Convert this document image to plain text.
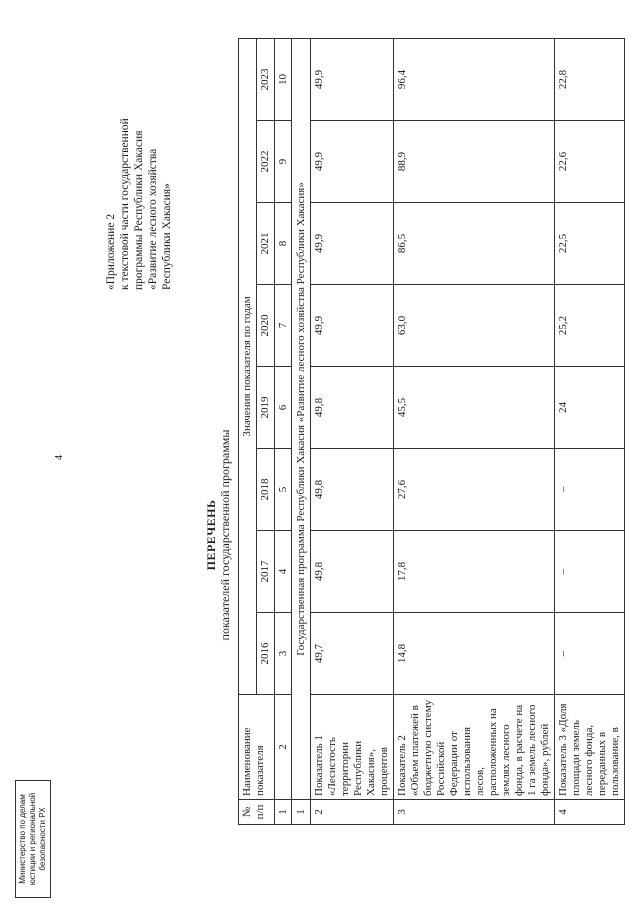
4
«Приложение 2 к текстовой части государственной программы Республики Хакасия «Развитие лесного хозяйства Республики Хакасия»
ПЕРЕЧЕНЬ показателей государственной программы
№ п/п	Наименование показателя	Значения показателя по годам							
		2016	2017	2018	2019	2020	2021	2022	2023
1	2	3	4	5	6	7	8	9	10
1	Государственная программа Республики Хакасия «Развитие лесного хозяйства Республики Хакасия»								
2	Показатель 1 «Лесистость территории Республики Хакасия», процентов	49,7	49,8	49,8	49,8	49,9	49,9	49,9	49,9
3	Показатель 2 «Объем платежей в бюджетную систему Российской Федерации от использования лесов, расположенных на землях лесного фонда, в расчете на 1 га земель лесного фонда», рублей	14,8	17,8	27,6	45,5	63,0	86,5	88,9	96,4
4	Показатель 3 «Доля площади земель лесного фонда, переданных в пользование, в	–	–	–	24	25,2	22,5	22,6	22,8
Министерство по делам юстиции и региональной безопасности РХ
